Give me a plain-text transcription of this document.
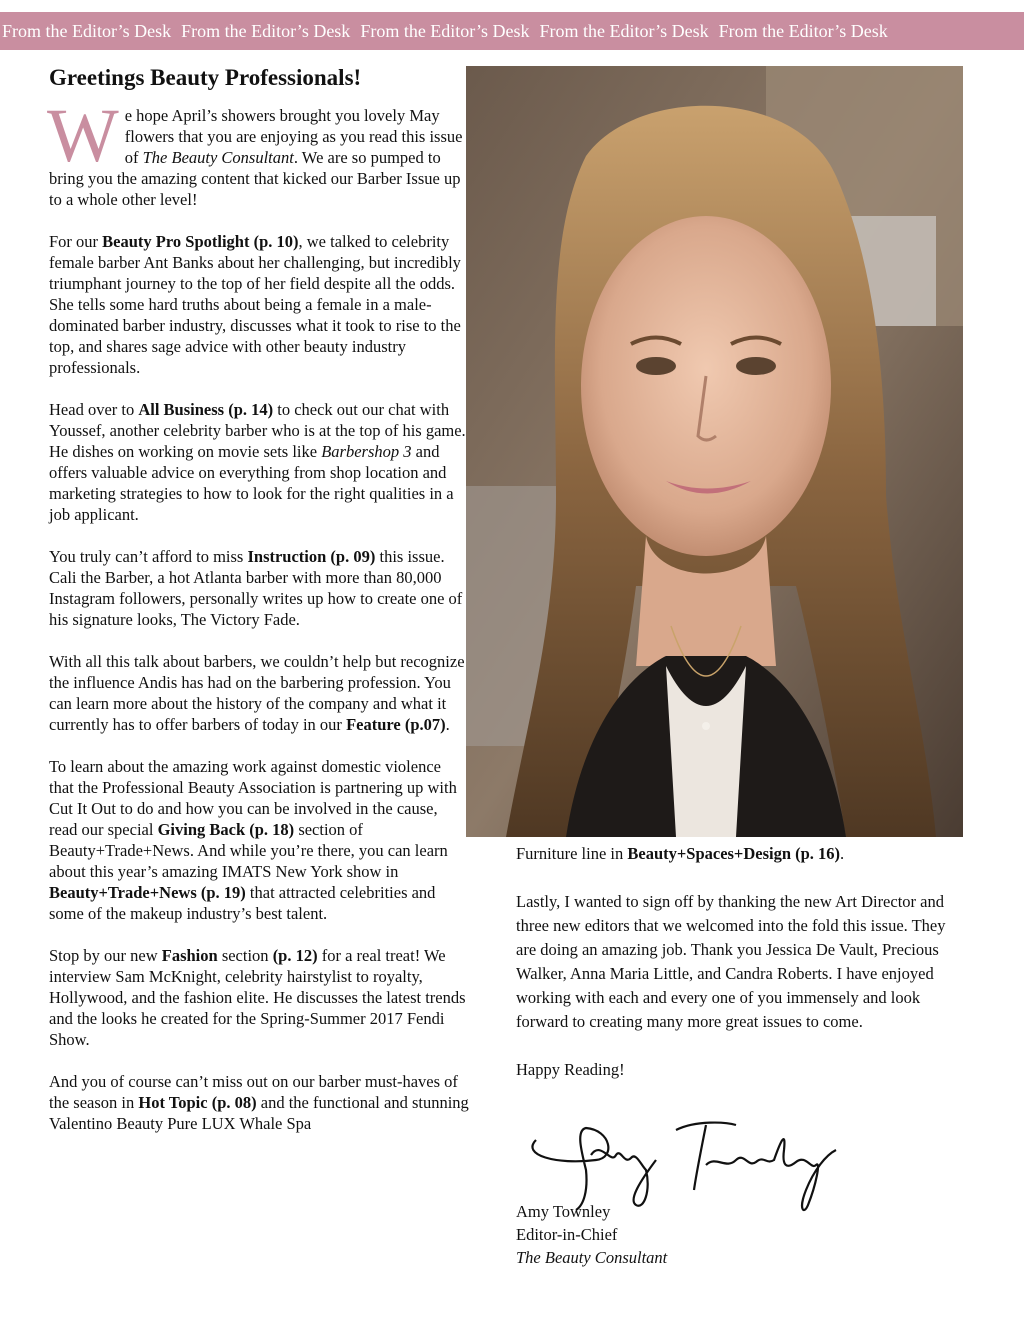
From the Editor’s Desk From the Editor’s Desk From the Editor’s Desk From the Editor’s Desk From the Editor’s Desk
Greetings Beauty Professionals!

We hope April’s showers brought you lovely May flowers that you are enjoying as you read this issue of The Beauty Consultant. We are so pumped to bring you the amazing content that kicked our Barber Issue up to a whole other level!

For our Beauty Pro Spotlight (p. 10), we talked to celebrity female barber Ant Banks about her challenging, but incredibly triumphant journey to the top of her field despite all the odds. She tells some hard truths about being a female in a male-dominated barber industry, discusses what it took to rise to the top, and shares sage advice with other beauty industry professionals.

Head over to All Business (p. 14) to check out our chat with Youssef, another celebrity barber who is at the top of his game. He dishes on working on movie sets like Barbershop 3 and offers valuable advice on everything from shop location and marketing strategies to how to look for the right qualities in a job applicant.

You truly can’t afford to miss Instruction (p. 09) this issue. Cali the Barber, a hot Atlanta barber with more than 80,000 Instagram followers, personally writes up how to create one of his signature looks, The Victory Fade.

With all this talk about barbers, we couldn’t help but recognize the influence Andis has had on the barbering profession. You can learn more about the history of the company and what it currently has to offer barbers of today in our Feature (p.07).

To learn about the amazing work against domestic violence that the Professional Beauty Association is partnering up with Cut It Out to do and how you can be involved in the cause, read our special Giving Back (p. 18) section of Beauty+Trade+News. And while you’re there, you can learn about this year’s amazing IMATS New York show in Beauty+Trade+News (p. 19) that attracted celebrities and some of the makeup industry’s best talent.

Stop by our new Fashion section (p. 12) for a real treat! We interview Sam McKnight, celebrity hairstylist to royalty, Hollywood, and the fashion elite. He discusses the latest trends and the looks he created for the Spring-Summer 2017 Fendi Show.

And you of course can’t miss out on our barber must-haves of the season in Hot Topic (p. 08) and the functional and stunning Valentino Beauty Pure LUX Whale Spa

Furniture line in Beauty+Spaces+Design (p. 16).

Lastly, I wanted to sign off by thanking the new Art Director and three new editors that we welcomed into the fold this issue. They are doing an amazing job. Thank you Jessica De Vault, Precious Walker, Anna Maria Little, and Candra Roberts. I have enjoyed working with each and every one of you immensely and look forward to creating many more great issues to come.

Happy Reading!

Amy Townley
Editor-in-Chief
The Beauty Consultant
